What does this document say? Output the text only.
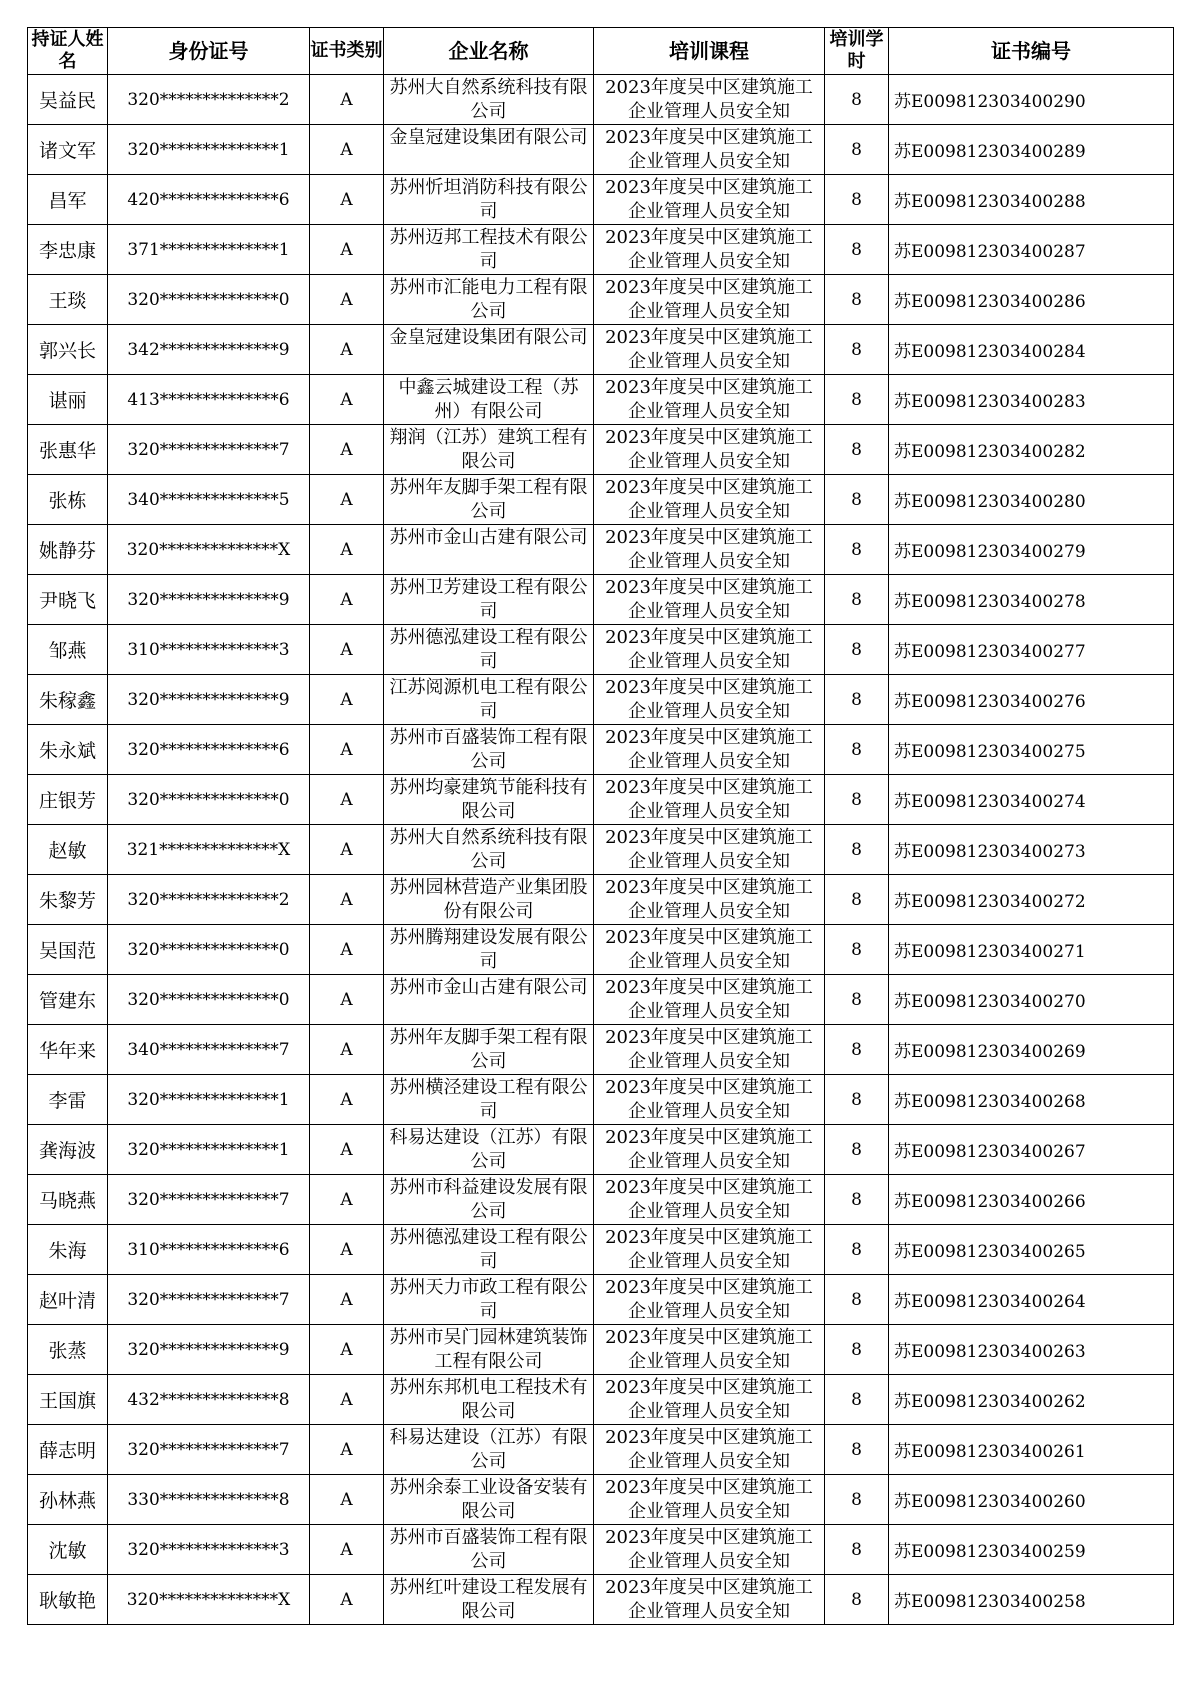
持证人姓名	身份证号	证书类别	企业名称	培训课程	培训学时	证书编号
吴益民	320**************2	A	苏州大自然系统科技有限公司	2023年度吴中区建筑施工企业管理人员安全知	8	苏E009812303400290
诸文军	320**************1	A	金皇冠建设集团有限公司	2023年度吴中区建筑施工企业管理人员安全知	8	苏E009812303400289
昌军	420**************6	A	苏州忻坦消防科技有限公司	2023年度吴中区建筑施工企业管理人员安全知	8	苏E009812303400288
李忠康	371**************1	A	苏州迈邦工程技术有限公司	2023年度吴中区建筑施工企业管理人员安全知	8	苏E009812303400287
王琰	320**************0	A	苏州市汇能电力工程有限公司	2023年度吴中区建筑施工企业管理人员安全知	8	苏E009812303400286
郭兴长	342**************9	A	金皇冠建设集团有限公司	2023年度吴中区建筑施工企业管理人员安全知	8	苏E009812303400284
谌丽	413**************6	A	中鑫云城建设工程（苏州）有限公司	2023年度吴中区建筑施工企业管理人员安全知	8	苏E009812303400283
张惠华	320**************7	A	翔润（江苏）建筑工程有限公司	2023年度吴中区建筑施工企业管理人员安全知	8	苏E009812303400282
张栋	340**************5	A	苏州年友脚手架工程有限公司	2023年度吴中区建筑施工企业管理人员安全知	8	苏E009812303400280
姚静芬	320**************X	A	苏州市金山古建有限公司	2023年度吴中区建筑施工企业管理人员安全知	8	苏E009812303400279
尹晓飞	320**************9	A	苏州卫芳建设工程有限公司	2023年度吴中区建筑施工企业管理人员安全知	8	苏E009812303400278
邹燕	310**************3	A	苏州德泓建设工程有限公司	2023年度吴中区建筑施工企业管理人员安全知	8	苏E009812303400277
朱稼鑫	320**************9	A	江苏阅源机电工程有限公司	2023年度吴中区建筑施工企业管理人员安全知	8	苏E009812303400276
朱永斌	320**************6	A	苏州市百盛装饰工程有限公司	2023年度吴中区建筑施工企业管理人员安全知	8	苏E009812303400275
庄银芳	320**************0	A	苏州均豪建筑节能科技有限公司	2023年度吴中区建筑施工企业管理人员安全知	8	苏E009812303400274
赵敏	321**************X	A	苏州大自然系统科技有限公司	2023年度吴中区建筑施工企业管理人员安全知	8	苏E009812303400273
朱黎芳	320**************2	A	苏州园林营造产业集团股份有限公司	2023年度吴中区建筑施工企业管理人员安全知	8	苏E009812303400272
吴国范	320**************0	A	苏州腾翔建设发展有限公司	2023年度吴中区建筑施工企业管理人员安全知	8	苏E009812303400271
管建东	320**************0	A	苏州市金山古建有限公司	2023年度吴中区建筑施工企业管理人员安全知	8	苏E009812303400270
华年来	340**************7	A	苏州年友脚手架工程有限公司	2023年度吴中区建筑施工企业管理人员安全知	8	苏E009812303400269
李雷	320**************1	A	苏州横泾建设工程有限公司	2023年度吴中区建筑施工企业管理人员安全知	8	苏E009812303400268
龚海波	320**************1	A	科易达建设（江苏）有限公司	2023年度吴中区建筑施工企业管理人员安全知	8	苏E009812303400267
马晓燕	320**************7	A	苏州市科益建设发展有限公司	2023年度吴中区建筑施工企业管理人员安全知	8	苏E009812303400266
朱海	310**************6	A	苏州德泓建设工程有限公司	2023年度吴中区建筑施工企业管理人员安全知	8	苏E009812303400265
赵叶清	320**************7	A	苏州天力市政工程有限公司	2023年度吴中区建筑施工企业管理人员安全知	8	苏E009812303400264
张蒸	320**************9	A	苏州市吴门园林建筑装饰工程有限公司	2023年度吴中区建筑施工企业管理人员安全知	8	苏E009812303400263
王国旗	432**************8	A	苏州东邦机电工程技术有限公司	2023年度吴中区建筑施工企业管理人员安全知	8	苏E009812303400262
薛志明	320**************7	A	科易达建设（江苏）有限公司	2023年度吴中区建筑施工企业管理人员安全知	8	苏E009812303400261
孙林燕	330**************8	A	苏州余泰工业设备安装有限公司	2023年度吴中区建筑施工企业管理人员安全知	8	苏E009812303400260
沈敏	320**************3	A	苏州市百盛装饰工程有限公司	2023年度吴中区建筑施工企业管理人员安全知	8	苏E009812303400259
耿敏艳	320**************X	A	苏州红叶建设工程发展有限公司	2023年度吴中区建筑施工企业管理人员安全知	8	苏E009812303400258
